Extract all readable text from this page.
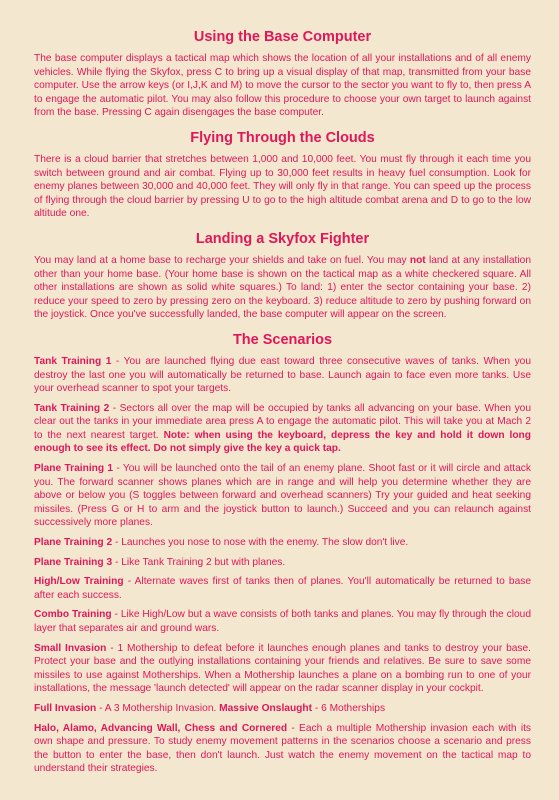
Using the Base Computer

The base computer displays a tactical map which shows the location of all your installations and of all enemy vehicles. While flying the Skyfox, press C to bring up a visual display of that map, transmitted from your base computer. Use the arrow keys (or I,J,K and M) to move the cursor to the sector you want to fly to, then press A to engage the automatic pilot. You may also follow this procedure to choose your own target to launch against from the base. Pressing C again disengages the base computer.

Flying Through the Clouds

There is a cloud barrier that stretches between 1,000 and 10,000 feet. You must fly through it each time you switch between ground and air combat. Flying up to 30,000 feet results in heavy fuel consumption. Look for enemy planes between 30,000 and 40,000 feet. They will only fly in that range. You can speed up the process of flying through the cloud barrier by pressing U to go to the high altitude combat arena and D to go to the low altitude one.

Landing a Skyfox Fighter

You may land at a home base to recharge your shields and take on fuel. You may not land at any installation other than your home base. (Your home base is shown on the tactical map as a white checkered square. All other installations are shown as solid white squares.) To land: 1) enter the sector containing your base. 2) reduce your speed to zero by pressing zero on the keyboard. 3) reduce altitude to zero by pushing forward on the joystick. Once you've successfully landed, the base computer will appear on the screen.

The Scenarios

Tank Training 1 - You are launched flying due east toward three consecutive waves of tanks. When you destroy the last one you will automatically be returned to base. Launch again to face even more tanks. Use your overhead scanner to spot your targets.

Tank Training 2 - Sectors all over the map will be occupied by tanks all advancing on your base. When you clear out the tanks in your immediate area press A to engage the automatic pilot. This will take you at Mach 2 to the next nearest target. Note: when using the keyboard, depress the key and hold it down long enough to see its effect. Do not simply give the key a quick tap.

Plane Training 1 - You will be launched onto the tail of an enemy plane. Shoot fast or it will circle and attack you. The forward scanner shows planes which are in range and will help you determine whether they are above or below you (S toggles between forward and overhead scanners) Try your guided and heat seeking missiles. (Press G or H to arm and the joystick button to launch.) Succeed and you can relaunch against successively more planes.

Plane Training 2 - Launches you nose to nose with the enemy. The slow don't live.

Plane Training 3 - Like Tank Training 2 but with planes.

High/Low Training - Alternate waves first of tanks then of planes. You'll automatically be returned to base after each success.

Combo Training - Like High/Low but a wave consists of both tanks and planes. You may fly through the cloud layer that separates air and ground wars.

Small Invasion - 1 Mothership to defeat before it launches enough planes and tanks to destroy your base. Protect your base and the outlying installations containing your friends and relatives. Be sure to save some missiles to use against Motherships. When a Mothership launches a plane on a bombing run to one of your installations, the message 'launch detected' will appear on the radar scanner display in your cockpit.

Full Invasion - A 3 Mothership Invasion. Massive Onslaught - 6 Motherships

Halo, Alamo, Advancing Wall, Chess and Cornered - Each a multiple Mothership invasion each with its own shape and pressure. To study enemy movement patterns in the scenarios choose a scenario and press the button to enter the base, then don't launch. Just watch the enemy movement on the tactical map to understand their strategies.
